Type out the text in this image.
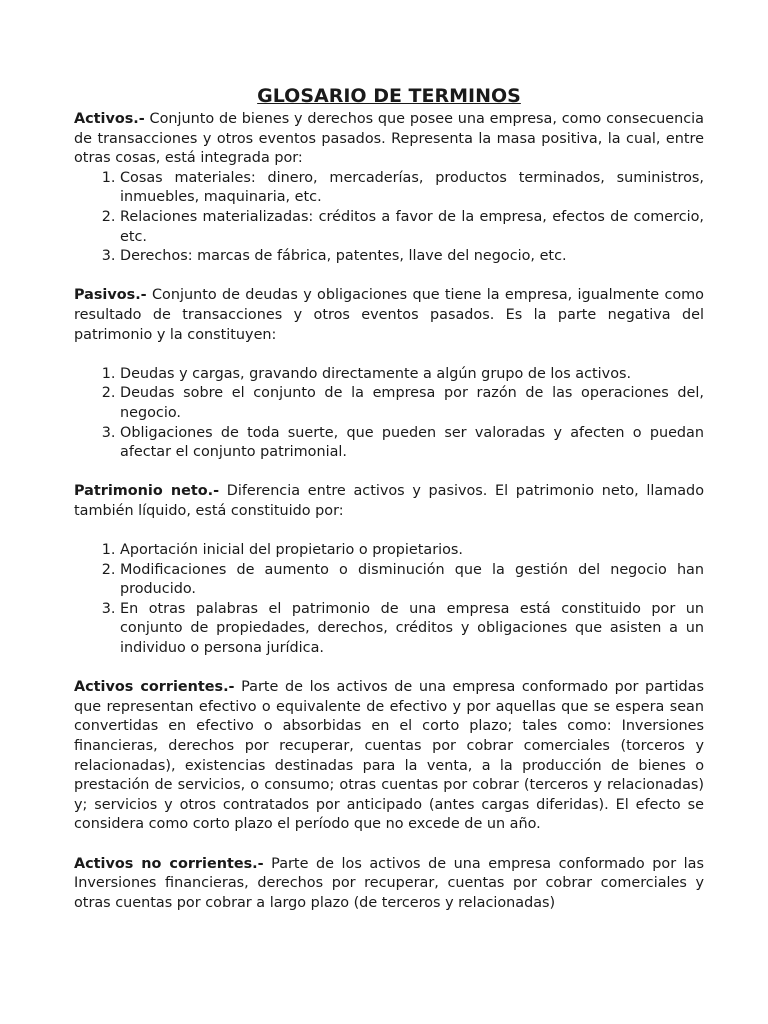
GLOSARIO DE TERMINOS

Activos.- Conjunto de bienes y derechos que posee una empresa, como consecuencia de transacciones y otros eventos pasados. Representa la masa positiva, la cual, entre otras cosas, está integrada por:

1. Cosas materiales: dinero, mercaderías, productos terminados, suministros, inmuebles, maquinaria, etc.
2. Relaciones materializadas: créditos a favor de la empresa, efectos de comercio, etc.
3. Derechos: marcas de fábrica, patentes, llave del negocio, etc.

Pasivos.- Conjunto de deudas y obligaciones que tiene la empresa, igualmente como resultado de transacciones y otros eventos pasados. Es la parte negativa del patrimonio y la constituyen:

1. Deudas y cargas, gravando directamente a algún grupo de los activos.
2. Deudas sobre el conjunto de la empresa por razón de las operaciones del, negocio.
3. Obligaciones de toda suerte, que pueden ser valoradas y afecten o puedan afectar el conjunto patrimonial.

Patrimonio neto.- Diferencia entre activos y pasivos. El patrimonio neto, llamado también líquido, está constituido por:

1. Aportación inicial del propietario o propietarios.
2. Modificaciones de aumento o disminución que la gestión del negocio han producido.
3. En otras palabras el patrimonio de una empresa está constituido por un conjunto de propiedades, derechos, créditos y obligaciones que asisten a un individuo o persona jurídica.

Activos corrientes.- Parte de los activos de una empresa conformado por partidas que representan efectivo o equivalente de efectivo y por aquellas que se espera sean convertidas en efectivo o absorbidas en el corto plazo; tales como: Inversiones financieras, derechos por recuperar, cuentas por cobrar comerciales (torceros y relacionadas), existencias destinadas para la venta, a la producción de bienes o prestación de servicios, o consumo; otras cuentas por cobrar (terceros y relacionadas) y; servicios y otros contratados por anticipado (antes cargas diferidas). El efecto se considera como corto plazo el período que no excede de un año.

Activos no corrientes.- Parte de los activos de una empresa conformado por las Inversiones financieras, derechos por recuperar, cuentas por cobrar comerciales y otras cuentas por cobrar a largo plazo (de terceros y relacionadas)
